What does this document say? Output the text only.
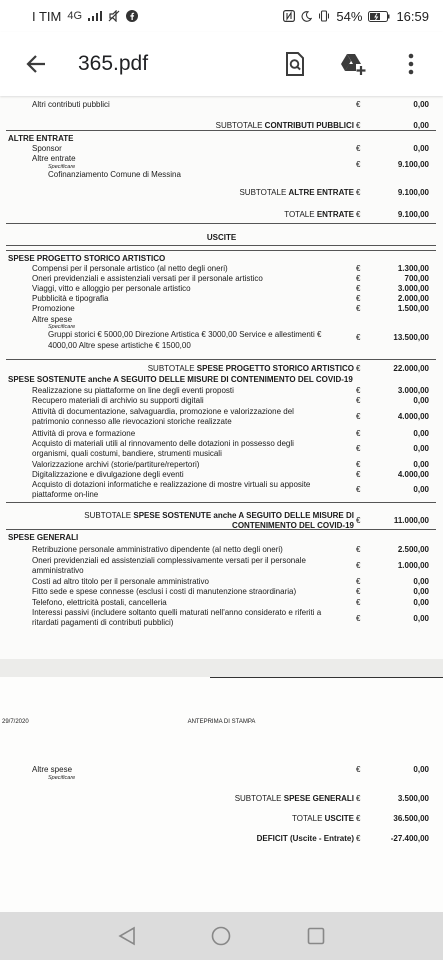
I TIM 4G	54%	16:59
365.pdf
Altri contributi pubblici	€	0,00
SUBTOTALE CONTRIBUTI PUBBLICI €	0,00
ALTRE ENTRATE
Sponsor	€	0,00
Altre entrate
Specificare
Cofinanziamento Comune di Messina
€	9.100,00
SUBTOTALE ALTRE ENTRATE €	9.100,00
TOTALE ENTRATE €	9.100,00
USCITE
SPESE PROGETTO STORICO ARTISTICO
Compensi per il personale artistico (al netto degli oneri)	€	1.300,00
Oneri previdenziali e assistenziali versati per il personale artistico	€	700,00
Viaggi, vitto e alloggio per personale artistico	€	3.000,00
Pubblicità e tipografia	€	2.000,00
Promozione	€	1.500,00
Altre spese
Specificare
Gruppi storici € 5000,00 Direzione Artistica € 3000,00 Service e allestimenti €	€	13.500,00
4000,00 Altre spese artistiche € 1500,00
SUBTOTALE SPESE PROGETTO STORICO ARTISTICO €	22.000,00
SPESE SOSTENUTE anche A SEGUITO DELLE MISURE DI CONTENIMENTO DEL COVID-19
Realizzazione su piattaforme on line degli eventi proposti	€	3.000,00
Recupero materiali di archivio su supporti digitali	€	0,00
Attività di documentazione, salvaguardia, promozione e valorizzazione del
€	4.000,00
patrimonio connesso alle rievocazioni storiche realizzate
Attività di prova e formazione	€	0,00
Acquisto di materiali utili al rinnovamento delle dotazioni in possesso degli
€	0,00
organismi, quali costumi, bandiere, strumenti musicali
Valorizzazione archivi (storie/partiture/repertori)	€	0,00
Digitalizzazione e divulgazione degli eventi	€	4.000,00
Acquisto di dotazioni informatiche e realizzazione di mostre virtuali su apposite
€	0,00
piattaforme on-line
SUBTOTALE SPESE SOSTENUTE anche A SEGUITO DELLE MISURE DI
CONTENIMENTO DEL COVID-19
€	11.000,00
SPESE GENERALI
Retribuzione personale amministrativo dipendente (al netto degli oneri)	€	2.500,00
Oneri previdenziali ed assistenziali complessivamente versati per il personale
€	1.000,00
amministrativo
Costi ad altro titolo per il personale amministrativo	€	0,00
Fitto sede e spese connesse (esclusi i costi di manutenzione straordinaria)	€	0,00
Telefono, elettricità postali, cancelleria	€	0,00
Interessi passivi (includere soltanto quelli maturati nell'anno considerato e riferiti a
€	0,00
ritardati pagamenti di contributi pubblici)
29/7/2020	ANTEPRIMA DI STAMPA
Altre spese	€	0,00
Specificare
SUBTOTALE SPESE GENERALI €	3.500,00
TOTALE USCITE €	36.500,00
DEFICIT (Uscite - Entrate) €	-27.400,00
